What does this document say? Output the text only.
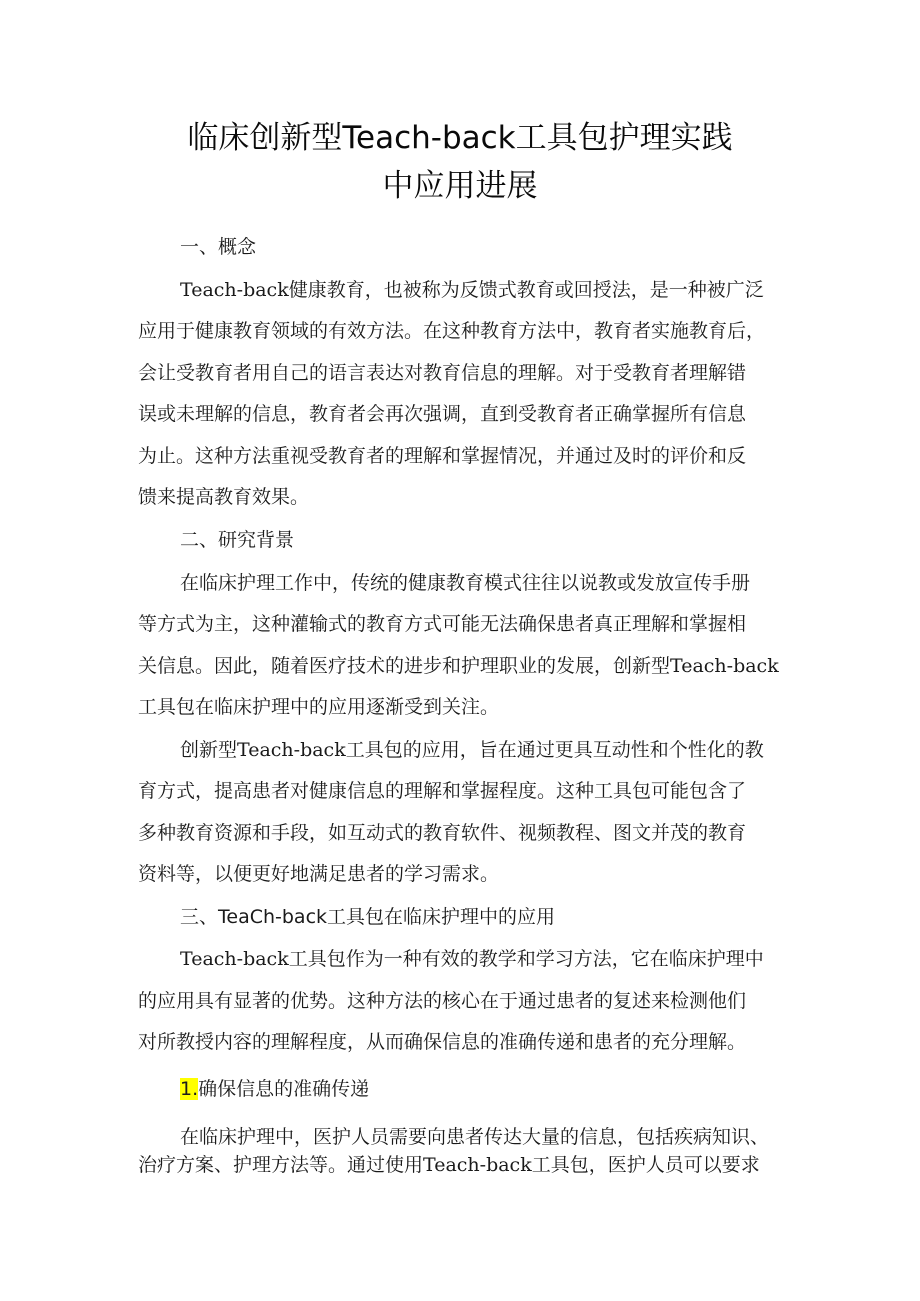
临床创新型Teach-back工具包护理实践
中应用进展
一、概念
Teach-back健康教育，也被称为反馈式教育或回授法，是一种被广泛
应用于健康教育领域的有效方法。在这种教育方法中，教育者实施教育后，
会让受教育者用自己的语言表达对教育信息的理解。对于受教育者理解错
误或未理解的信息，教育者会再次强调，直到受教育者正确掌握所有信息
为止。这种方法重视受教育者的理解和掌握情况，并通过及时的评价和反
馈来提高教育效果。
二、研究背景
在临床护理工作中，传统的健康教育模式往往以说教或发放宣传手册
等方式为主，这种灌输式的教育方式可能无法确保患者真正理解和掌握相
关信息。因此，随着医疗技术的进步和护理职业的发展，创新型Teach-back
工具包在临床护理中的应用逐渐受到关注。
创新型Teach-back工具包的应用，旨在通过更具互动性和个性化的教
育方式，提高患者对健康信息的理解和掌握程度。这种工具包可能包含了
多种教育资源和手段，如互动式的教育软件、视频教程、图文并茂的教育
资料等，以便更好地满足患者的学习需求。
三、TeaCh-back工具包在临床护理中的应用
Teach-back工具包作为一种有效的教学和学习方法，它在临床护理中
的应用具有显著的优势。这种方法的核心在于通过患者的复述来检测他们
对所教授内容的理解程度，从而确保信息的准确传递和患者的充分理解。
1.确保信息的准确传递
在临床护理中，医护人员需要向患者传达大量的信息，包括疾病知识、
治疗方案、护理方法等。通过使用Teach-back工具包，医护人员可以要求
